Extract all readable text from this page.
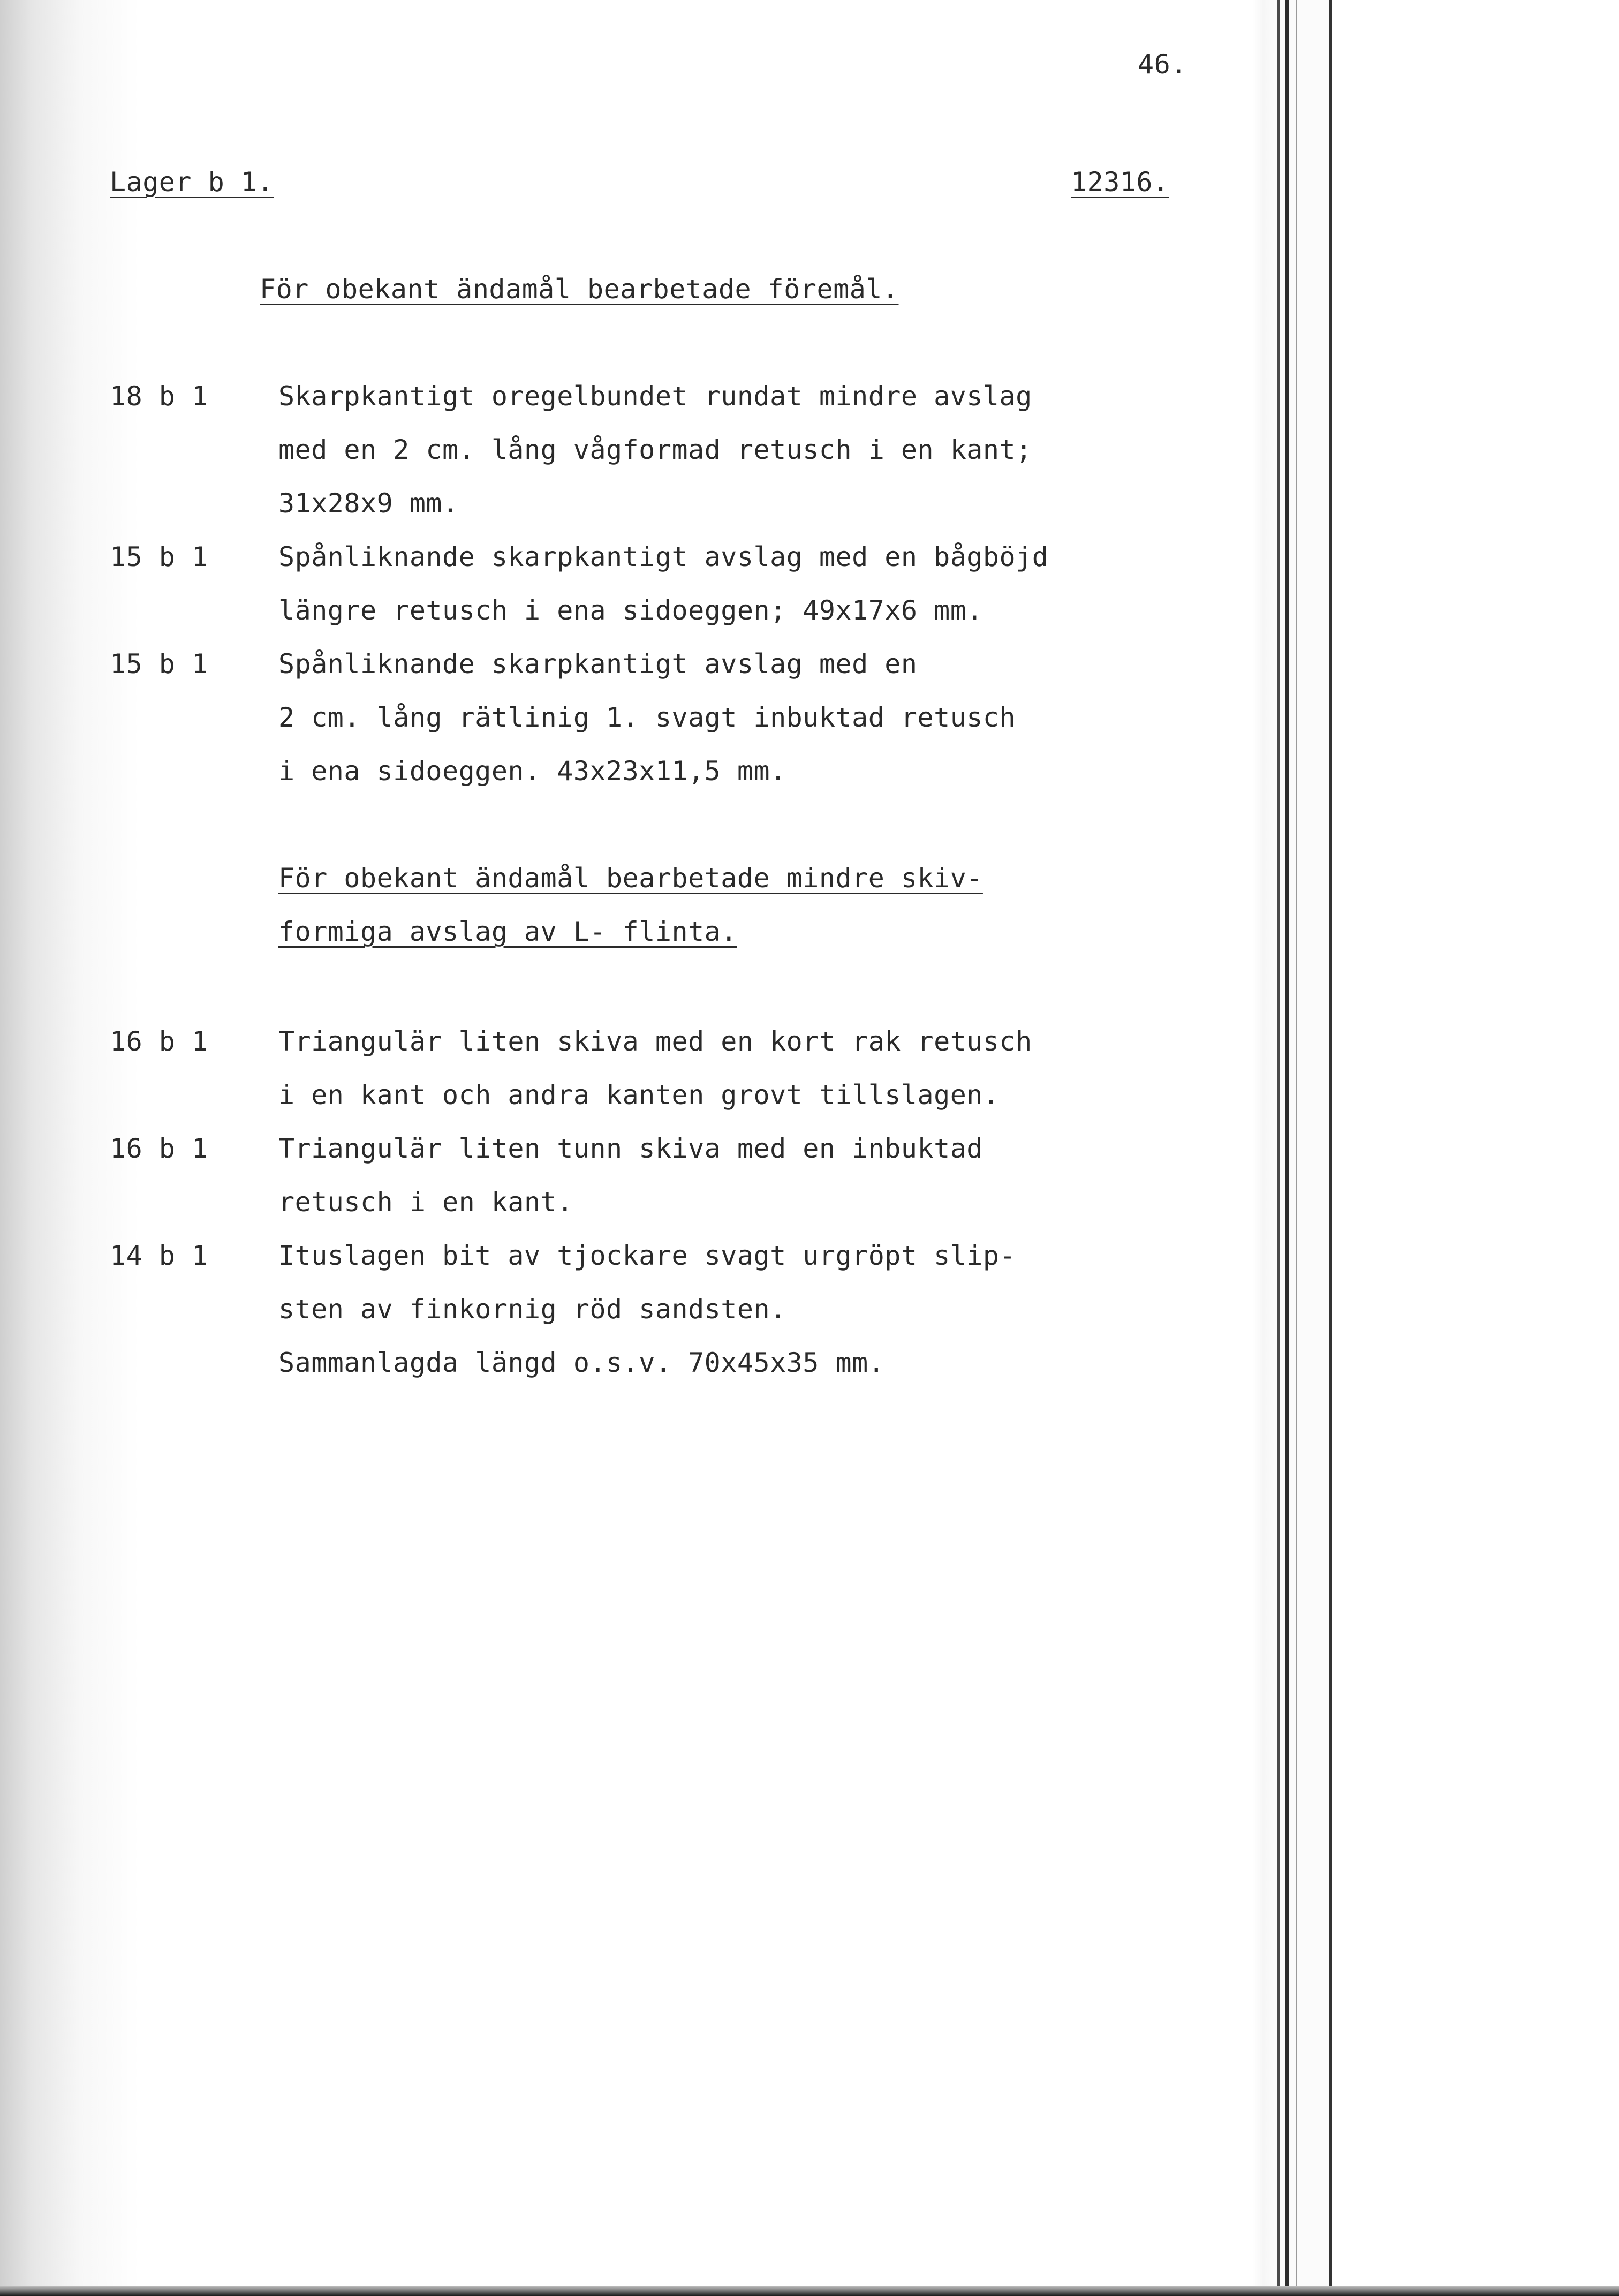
46.
Lager b 1.	12316.
För obekant ändamål bearbetade föremål.
18 b 1	Skarpkantigt oregelbundet rundat mindre avslag
med en 2 cm. lång vågformad retusch i en kant;
31x28x9 mm.
15 b 1	Spånliknande skarpkantigt avslag med en bågböjd
längre retusch i ena sidoeggen; 49x17x6 mm.
15 b 1	Spånliknande skarpkantigt avslag med en
2 cm. lång rätlinig 1. svagt inbuktad retusch
i ena sidoeggen. 43x23x11,5 mm.
För obekant ändamål bearbetade mindre skiv-
formiga avslag av L- flinta.
16 b 1	Triangulär liten skiva med en kort rak retusch
i en kant och andra kanten grovt tillslagen.
16 b 1	Triangulär liten tunn skiva med en inbuktad
retusch i en kant.
14 b 1	Ituslagen bit av tjockare svagt urgröpt slip-
sten av finkornig röd sandsten.
Sammanlagda längd o.s.v. 70x45x35 mm.
